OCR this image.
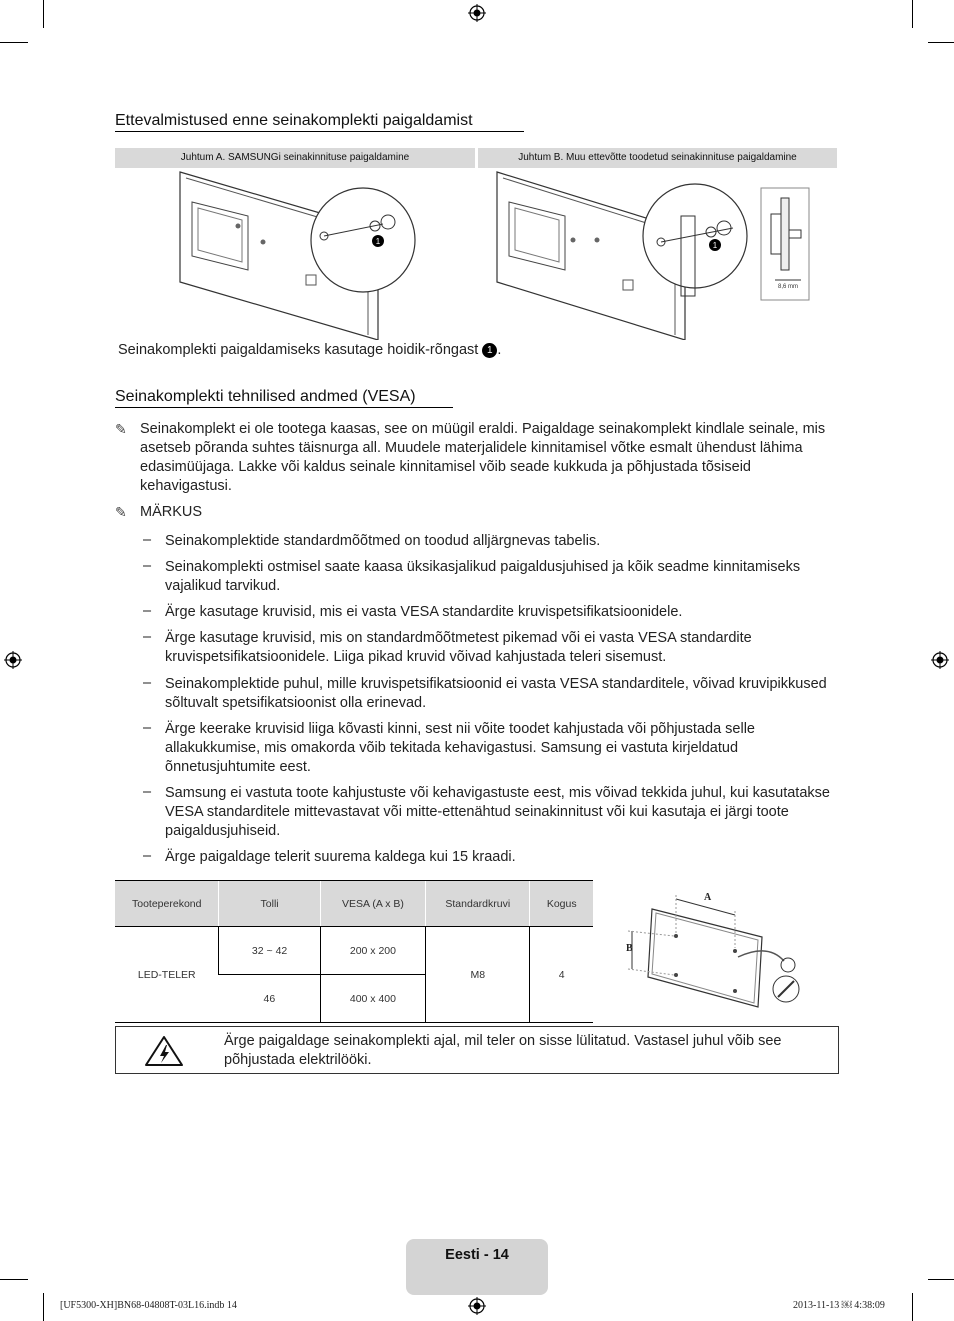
Ettevalmistused enne seinakomplekti paigaldamist
Juhtum A. SAMSUNGi seinakinnituse paigaldamine	Juhtum B. Muu ettevõtte toodetud seinakinnituse paigaldamine
1	1
8,6 mm
Seinakomplekti paigaldamiseks kasutage hoidik-rõngast 1 .
Seinakomplekti tehnilised andmed (VESA)
✎ Seinakomplekt ei ole tootega kaasas, see on müügil eraldi. Paigaldage seinakomplekt kindlale seinale, mis asetseb põranda suhtes täisnurga all. Muudele materjalidele kinnitamisel võtke esmalt ühendust lähima edasimüüjaga. Lakke või kaldus seinale kinnitamisel võib seade kukkuda ja põhjustada tõsiseid kehavigastusi.
✎ MÄRKUS
– Seinakomplektide standardmõõtmed on toodud alljärgnevas tabelis.
– Seinakomplekti ostmisel saate kaasa üksikasjalikud paigaldusjuhised ja kõik seadme kinnitamiseks vajalikud tarvikud.
– Ärge kasutage kruvisid, mis ei vasta VESA standardite kruvispetsifikatsioonidele.
– Ärge kasutage kruvisid, mis on standardmõõtmetest pikemad või ei vasta VESA standardite kruvispetsifikatsioonidele. Liiga pikad kruvid võivad kahjustada teleri sisemust.
– Seinakomplektide puhul, mille kruvispetsifikatsioonid ei vasta VESA standarditele, võivad kruvipikkused sõltuvalt spetsifikatsioonist olla erinevad.
– Ärge keerake kruvisid liiga kõvasti kinni, sest nii võite toodet kahjustada või põhjustada selle allakukkumise, mis omakorda võib tekitada kehavigastusi. Samsung ei vastuta kirjeldatud õnnetusjuhtumite eest.
– Samsung ei vastuta toote kahjustuste või kehavigastuste eest, mis võivad tekkida juhul, kui kasutatakse VESA standarditele mittevastavat või mitte-ettenähtud seinakinnitust või kui kasutaja ei järgi toote paigaldusjuhiseid.
– Ärge paigaldage telerit suurema kaldega kui 15 kraadi.
Tooteperekond	Tolli	VESA (A x B)	Standardkruvi	Kogus
LED-TELER	32 ~ 42	200 x 200	M8	4
	46	400 x 400		
A
B
Ärge paigaldage seinakomplekti ajal, mil teler on sisse lülitatud. Vastasel juhul võib see põhjustada elektrilööki.
Eesti - 14
[UF5300-XH]BN68-04808T-03L16.indb 14	2013-11-13 ￼ 4:38:09
